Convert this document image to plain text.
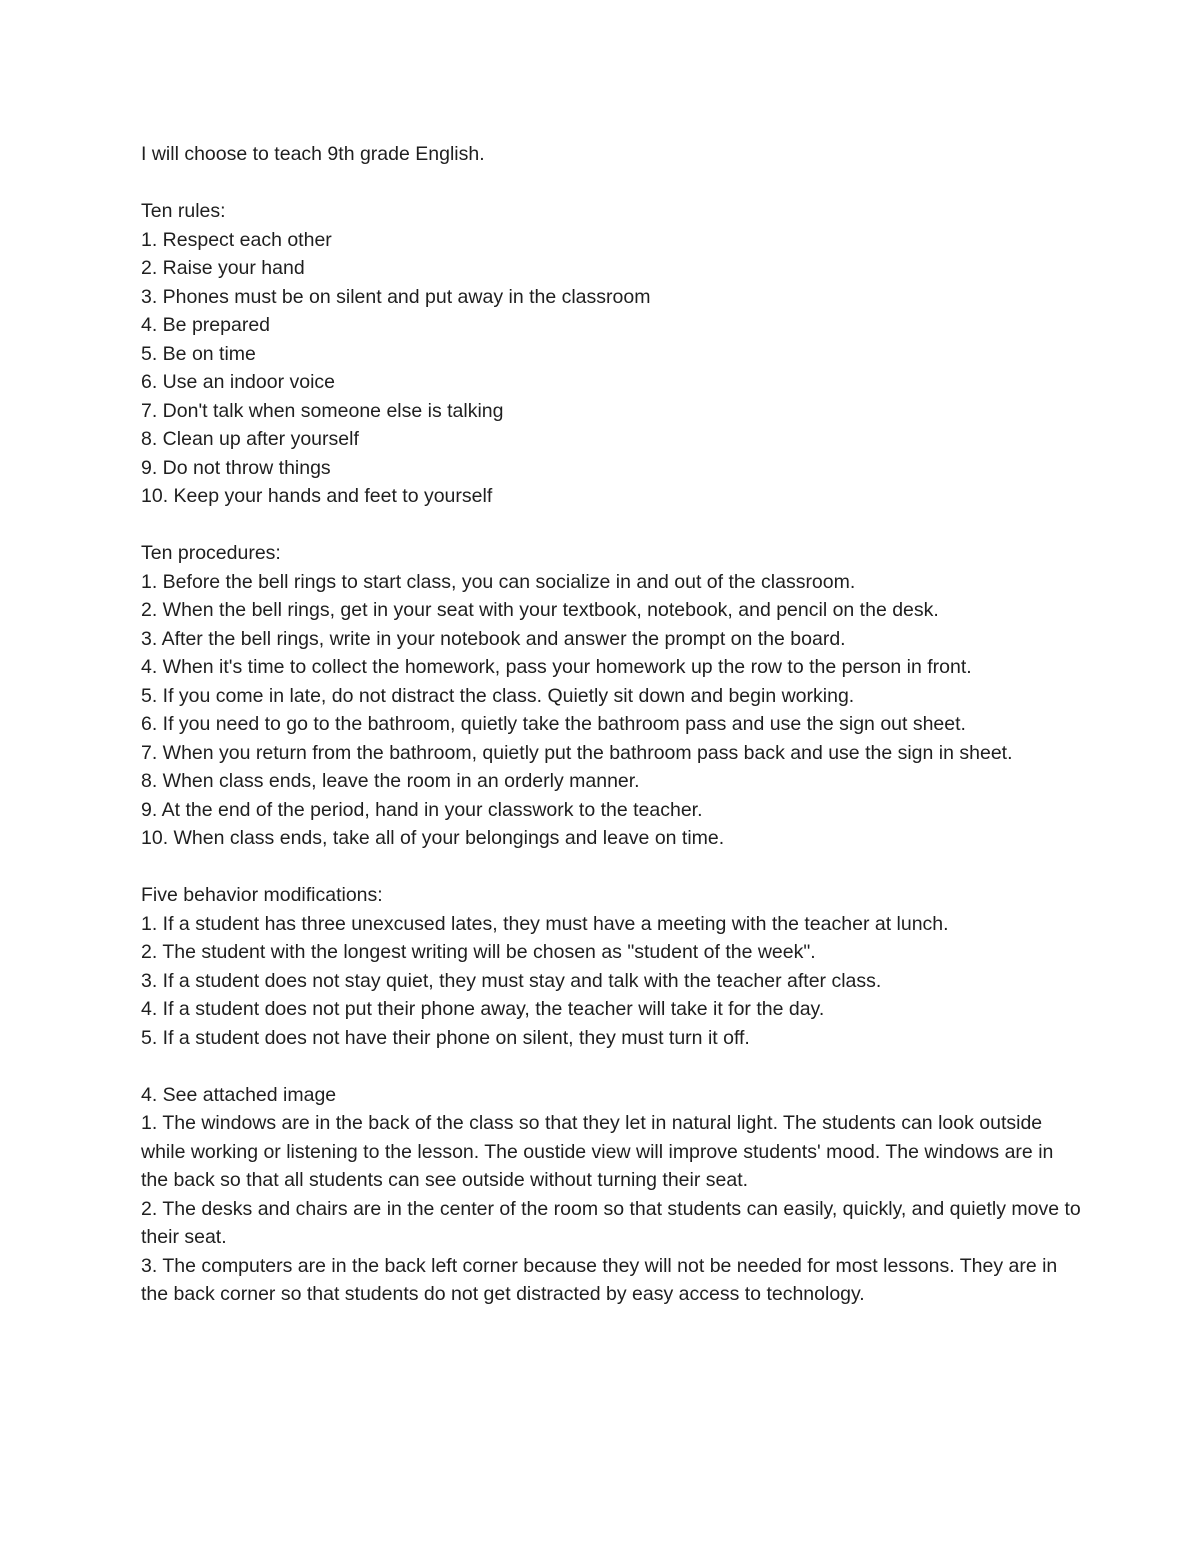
I will choose to teach 9th grade English.

Ten rules:

1. Respect each other

2. Raise your hand

3. Phones must be on silent and put away in the classroom

4. Be prepared

5. Be on time

6. Use an indoor voice

7. Don't talk when someone else is talking

8. Clean up after yourself

9. Do not throw things

10. Keep your hands and feet to yourself

Ten procedures:

1. Before the bell rings to start class, you can socialize in and out of the classroom.

2. When the bell rings, get in your seat with your textbook, notebook, and pencil on the desk.

3. After the bell rings, write in your notebook and answer the prompt on the board.

4. When it's time to collect the homework, pass your homework up the row to the person in front.

5. If you come in late, do not distract the class. Quietly sit down and begin working.

6. If you need to go to the bathroom, quietly take the bathroom pass and use the sign out sheet.

7. When you return from the bathroom, quietly put the bathroom pass back and use the sign in sheet.

8. When class ends, leave the room in an orderly manner.

9. At the end of the period, hand in your classwork to the teacher.

10. When class ends, take all of your belongings and leave on time.

Five behavior modifications:

1. If a student has three unexcused lates, they must have a meeting with the teacher at lunch.

2. The student with the longest writing will be chosen as "student of the week".

3. If a student does not stay quiet, they must stay and talk with the teacher after class.

4. If a student does not put their phone away, the teacher will take it for the day.

5. If a student does not have their phone on silent, they must turn it off.

4. See attached image

1. The windows are in the back of the class so that they let in natural light. The students can look outside while working or listening to the lesson. The oustide view will improve students' mood. The windows are in the back so that all students can see outside without turning their seat.

2. The desks and chairs are in the center of the room so that students can easily, quickly, and quietly move to their seat.

3. The computers are in the back left corner because they will not be needed for most lessons. They are in the back corner so that students do not get distracted by easy access to technology.
